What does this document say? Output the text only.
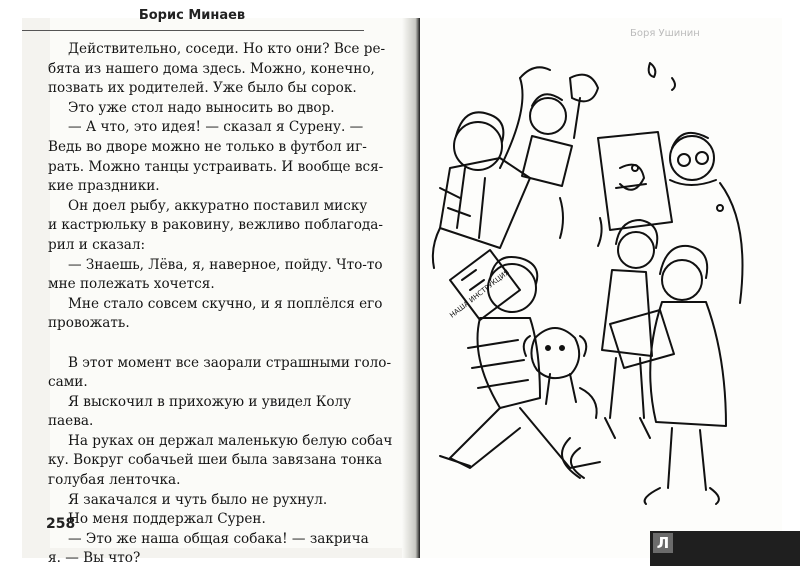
Боря Ушинин
НАША ИНСТРУКЦИЯ
Борис Минаев

Действительно, соседи. Но кто они? Все ре-

бята из нашего дома здесь. Можно, конечно,

позвать их родителей. Уже было бы сорок.

Это уже стол надо выносить во двор.

— А что, это идея! — сказал я Сурену. —

Ведь во дворе можно не только в футбол иг-

рать. Можно танцы устраивать. И вообще вся-

кие праздники.

Он доел рыбу, аккуратно поставил миску

и кастрюльку в раковину, вежливо поблагода-

рил и сказал:

— Знаешь, Лёва, я, наверное, пойду. Что-то

мне полежать хочется.

Мне стало совсем скучно, и я поплёлся его

провожать.

В этот момент все заорали страшными голо-

сами.

Я выскочил в прихожую и увидел Колу

паева.

На руках он держал маленькую белую собач

ку. Вокруг собачьей шеи была завязана тонка

голубая ленточка.

Я закачался и чуть было не рухнул.

Но меня поддержал Сурен.

— Это же наша общая собака! — закрича

я. — Вы что?

258
Л
